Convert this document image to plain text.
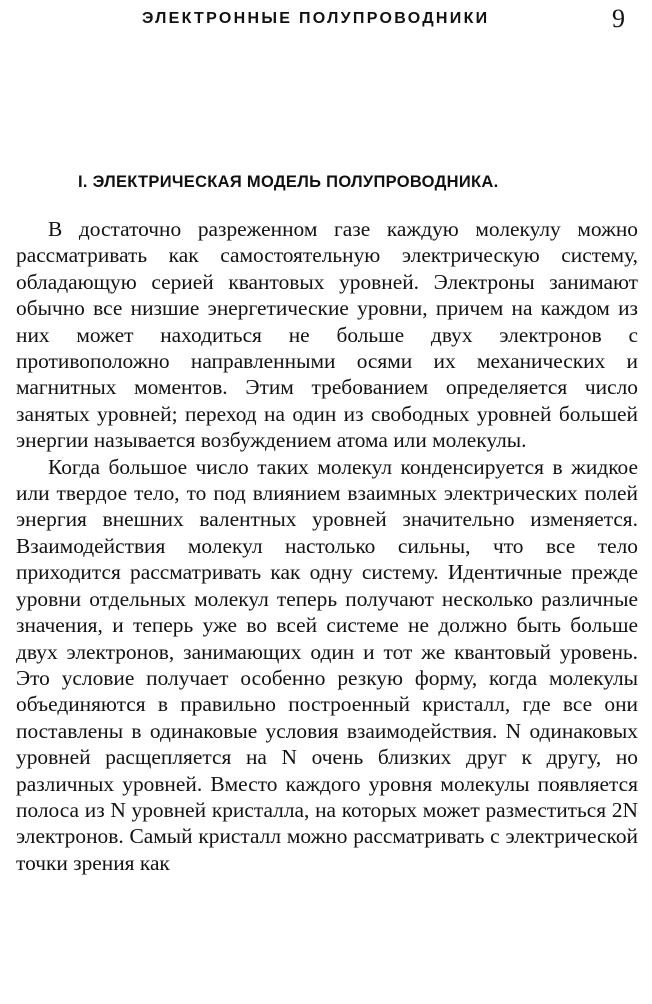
ЭЛЕКТРОННЫЕ ПОЛУПРОВОДНИКИ	9
I. ЭЛЕКТРИЧЕСКАЯ МОДЕЛЬ ПОЛУПРОВОДНИКА.

В достаточно разреженном газе каждую молекулу можно рассматривать как самостоятельную электрическую систему, обладающую серией квантовых уровней. Электроны занимают обычно все низшие энергетические уровни, причем на каждом из них может находиться не больше двух электронов с противоположно направленными осями их механических и магнитных моментов. Этим требованием определяется число занятых уровней; переход на один из свободных уровней большей энергии называется возбуждением атома или молекулы.

Когда большое число таких молекул конденсируется в жидкое или твердое тело, то под влиянием взаимных электрических полей энергия внешних валентных уровней значительно изменяется. Взаимодействия молекул настолько сильны, что все тело приходится рассматривать как одну систему. Идентичные прежде уровни отдельных молекул теперь получают несколько различные значения, и теперь уже во всей системе не должно быть больше двух электронов, занимающих один и тот же квантовый уровень. Это условие получает особенно резкую форму, когда молекулы объединяются в правильно построенный кристалл, где все они поставлены в одинаковые условия взаимодействия. N одинаковых уровней расщепляется на N очень близких друг к другу, но различных уровней. Вместо каждого уровня молекулы появляется полоса из N уровней кристалла, на которых может разместиться 2N электронов. Самый кристалл можно рассматривать с электрической точки зрения как
